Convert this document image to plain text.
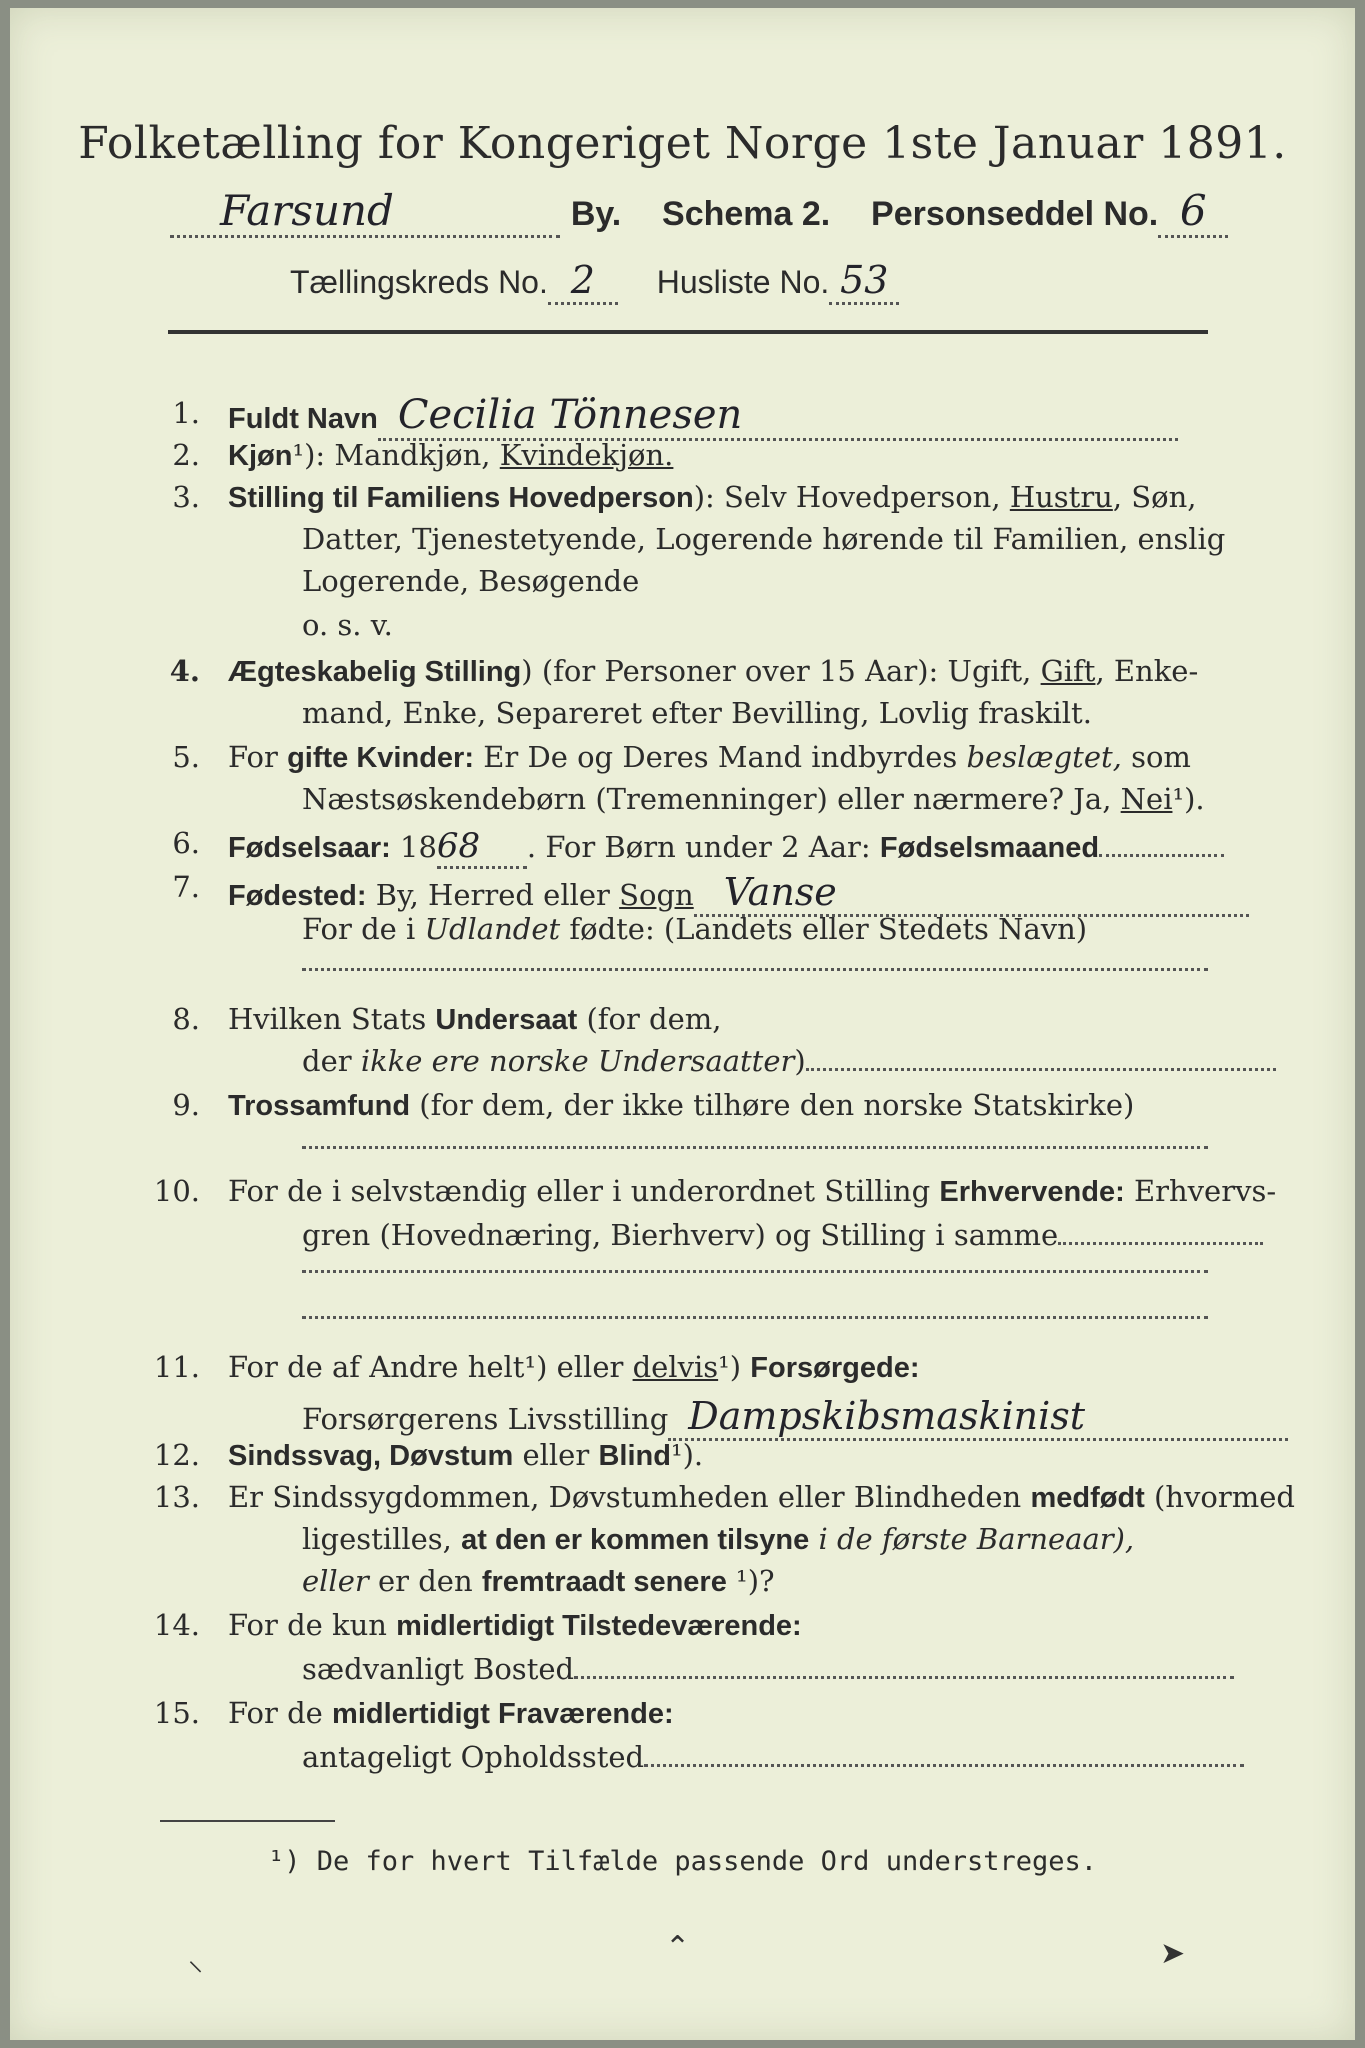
Folketælling for Kongeriget Norge 1ste Januar 1891.
Farsund	By. Schema 2. Personseddel No. 6
Tællingskreds No. 2 Husliste No. 53
1. Fuldt Navn Cecilia Tönnesen
2. Kjøn¹): Mandkjøn, Kvindekjøn.
3. Stilling til Familiens Hovedperson): Selv Hovedperson, Hustru, Søn,
Datter, Tjenestetyende, Logerende hørende til Familien, enslig
Logerende, Besøgende
o. s. v.
4. Ægteskabelig Stilling) (for Personer over 15 Aar): Ugift, Gift, Enke-
mand, Enke, Separeret efter Bevilling, Lovlig fraskilt.
5. For gifte Kvinder: Er De og Deres Mand indbyrdes beslægtet, som
Næstsøskendebørn (Tremenninger) eller nærmere? Ja, Nei¹).
6. Fødselsaar: 1868 . For Børn under 2 Aar: Fødselsmaaned
7. Fødested: By, Herred eller Sogn Vanse
For de i Udlandet fødte: (Landets eller Stedets Navn)
8. Hvilken Stats Undersaat (for dem,
der ikke ere norske Undersaatter)
9. Trossamfund (for dem, der ikke tilhøre den norske Statskirke)
10. For de i selvstændig eller i underordnet Stilling Erhvervende: Erhvervs-
gren (Hovednæring, Bierhverv) og Stilling i samme
11. For de af Andre helt¹) eller delvis¹) Forsørgede:
Forsørgerens Livsstilling Dampskibsmaskinist
12. Sindssvag, Døvstum eller Blind¹).
13. Er Sindssygdommen, Døvstumheden eller Blindheden medfødt (hvormed
ligestilles, at den er kommen tilsyne i de første Barneaar),
eller er den fremtraadt senere ¹)?
14. For de kun midlertidigt Tilstedeværende:
sædvanligt Bosted
15. For de midlertidigt Fraværende:
antageligt Opholdssted
¹) De for hvert Tilfælde passende Ord understreges.
⸜	⌃	➤
